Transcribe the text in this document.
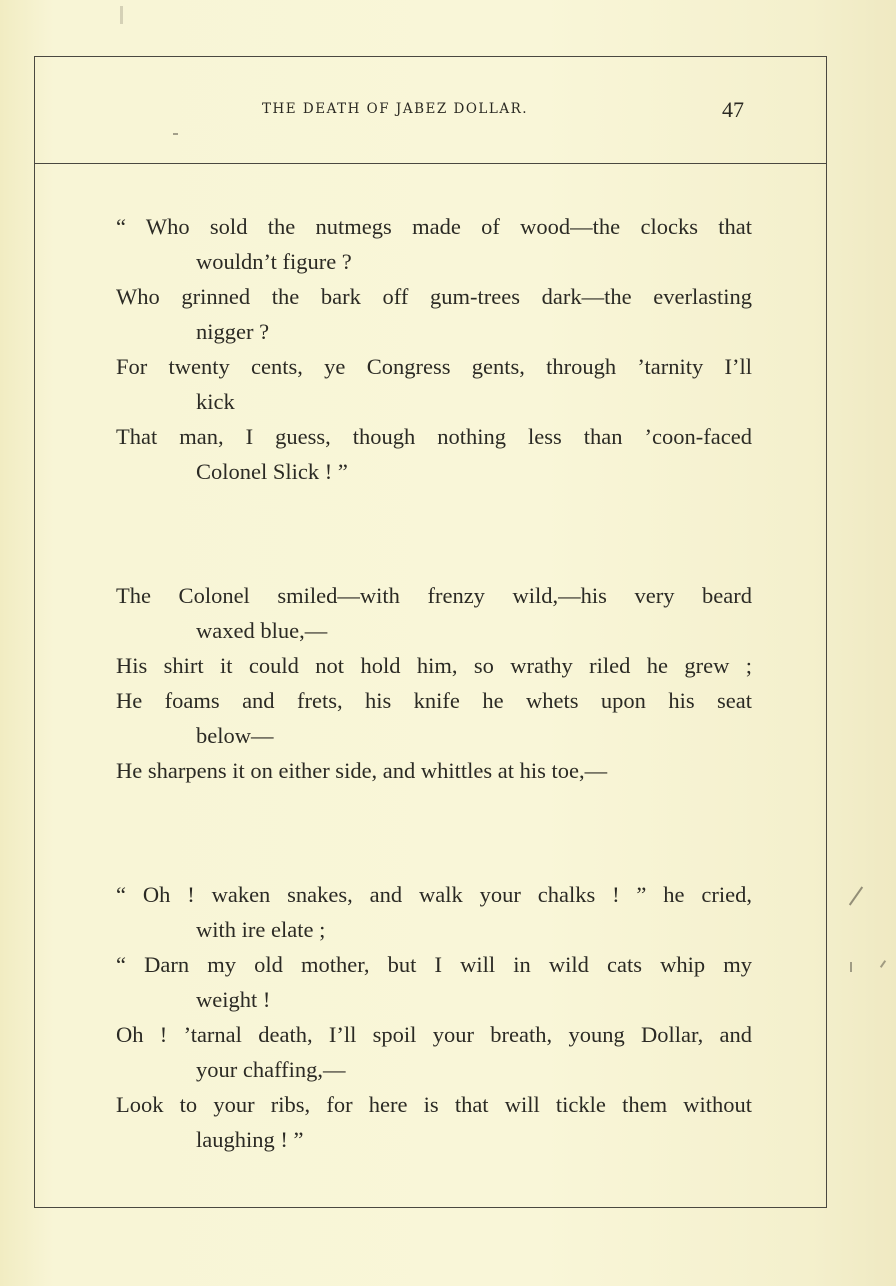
THE DEATH OF JABEZ DOLLAR.	47
“ Who sold the nutmegs made of wood—the clocks that
wouldn’t figure ?
Who grinned the bark off gum-trees dark—the everlasting
nigger ?
For twenty cents, ye Congress gents, through ’tarnity I’ll
kick
That man, I guess, though nothing less than ’coon-faced
Colonel Slick ! ”
The Colonel smiled—with frenzy wild,—his very beard
waxed blue,—
His shirt it could not hold him, so wrathy riled he grew ;
He foams and frets, his knife he whets upon his seat
below—
He sharpens it on either side, and whittles at his toe,—
“ Oh ! waken snakes, and walk your chalks ! ” he cried,
with ire elate ;
“ Darn my old mother, but I will in wild cats whip my
weight !
Oh ! ’tarnal death, I’ll spoil your breath, young Dollar, and
your chaffing,—
Look to your ribs, for here is that will tickle them without
laughing ! ”
